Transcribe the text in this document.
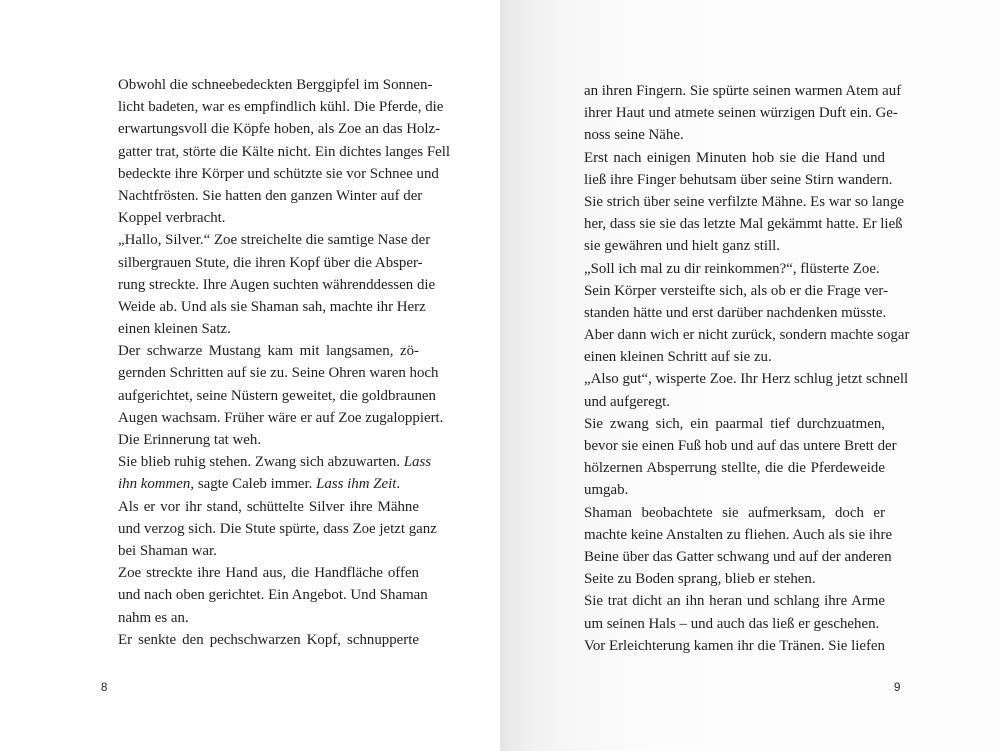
Obwohl die schneebedeckten Berggipfel im Sonnen-
licht badeten, war es empfindlich kühl. Die Pferde, die
erwartungsvoll die Köpfe hoben, als Zoe an das Holz-
gatter trat, störte die Kälte nicht. Ein dichtes langes Fell
bedeckte ihre Körper und schützte sie vor Schnee und
Nachtfrösten. Sie hatten den ganzen Winter auf der
Koppel verbracht.
„Hallo, Silver.“ Zoe streichelte die samtige Nase der
silbergrauen Stute, die ihren Kopf über die Absper-
rung streckte. Ihre Augen suchten währenddessen die
Weide ab. Und als sie Shaman sah, machte ihr Herz
einen kleinen Satz.
Der schwarze Mustang kam mit langsamen, zö-
gernden Schritten auf sie zu. Seine Ohren waren hoch
aufgerichtet, seine Nüstern geweitet, die goldbraunen
Augen wachsam. Früher wäre er auf Zoe zugaloppiert.
Die Erinnerung tat weh.
Sie blieb ruhig stehen. Zwang sich abzuwarten. Lass
ihn kommen, sagte Caleb immer. Lass ihm Zeit.
Als er vor ihr stand, schüttelte Silver ihre Mähne
und verzog sich. Die Stute spürte, dass Zoe jetzt ganz
bei Shaman war.
Zoe streckte ihre Hand aus, die Handfläche offen
und nach oben gerichtet. Ein Angebot. Und Shaman
nahm es an.
Er senkte den pechschwarzen Kopf, schnupperte
8
an ihren Fingern. Sie spürte seinen warmen Atem auf
ihrer Haut und atmete seinen würzigen Duft ein. Ge-
noss seine Nähe.
Erst nach einigen Minuten hob sie die Hand und
ließ ihre Finger behutsam über seine Stirn wandern.
Sie strich über seine verfilzte Mähne. Es war so lange
her, dass sie sie das letzte Mal gekämmt hatte. Er ließ
sie gewähren und hielt ganz still.
„Soll ich mal zu dir reinkommen?“, flüsterte Zoe.
Sein Körper versteifte sich, als ob er die Frage ver-
standen hätte und erst darüber nachdenken müsste.
Aber dann wich er nicht zurück, sondern machte sogar
einen kleinen Schritt auf sie zu.
„Also gut“, wisperte Zoe. Ihr Herz schlug jetzt schnell
und aufgeregt.
Sie zwang sich, ein paarmal tief durchzuatmen,
bevor sie einen Fuß hob und auf das untere Brett der
hölzernen Absperrung stellte, die die Pferdeweide
umgab.
Shaman beobachtete sie aufmerksam, doch er
machte keine Anstalten zu fliehen. Auch als sie ihre
Beine über das Gatter schwang und auf der anderen
Seite zu Boden sprang, blieb er stehen.
Sie trat dicht an ihn heran und schlang ihre Arme
um seinen Hals – und auch das ließ er geschehen.
Vor Erleichterung kamen ihr die Tränen. Sie liefen
9
